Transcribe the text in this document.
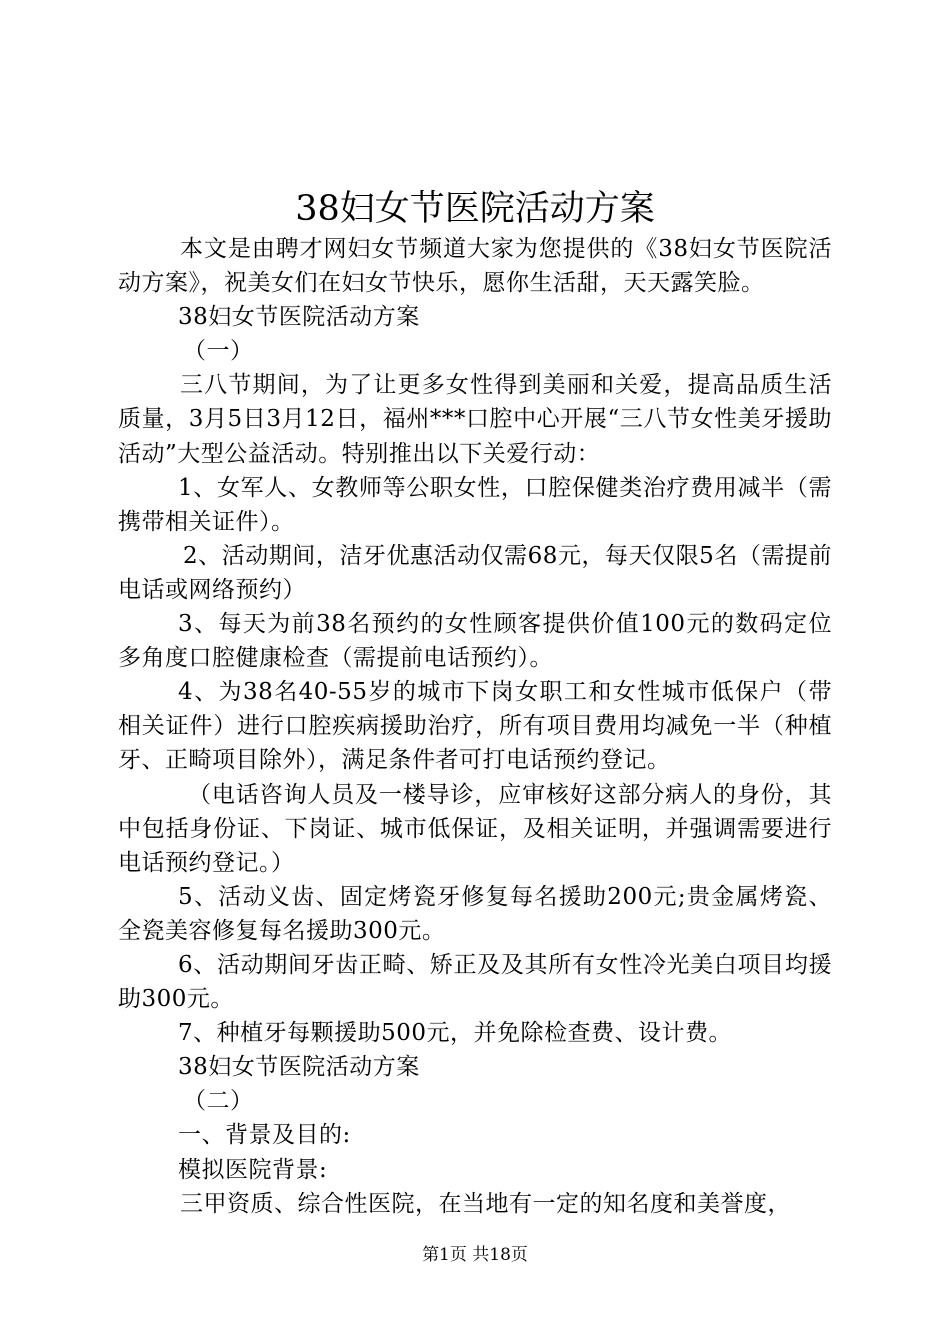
38妇女节医院活动方案

本文是由聘才网妇女节频道大家为您提供的《38妇女节医院活动方案》，祝美女们在妇女节快乐，愿你生活甜，天天露笑脸。

38妇女节医院活动方案

（一）

三八节期间，为了让更多女性得到美丽和关爱，提高品质生活质量，3月5日3月12日，福州***口腔中心开展“三八节女性美牙援助活动”大型公益活动。特别推出以下关爱行动：

1、女军人、女教师等公职女性，口腔保健类治疗费用减半（需携带相关证件）。

2、活动期间，洁牙优惠活动仅需68元，每天仅限5名（需提前电话或网络预约）

3、每天为前38名预约的女性顾客提供价值100元的数码定位多角度口腔健康检查（需提前电话预约）。

4、为38名40-55岁的城市下岗女职工和女性城市低保户（带相关证件）进行口腔疾病援助治疗，所有项目费用均减免一半（种植牙、正畸项目除外），满足条件者可打电话预约登记。

（电话咨询人员及一楼导诊，应审核好这部分病人的身份，其中包括身份证、下岗证、城市低保证，及相关证明，并强调需要进行电话预约登记。）

5、活动义齿、固定烤瓷牙修复每名援助200元;贵金属烤瓷、全瓷美容修复每名援助300元。

6、活动期间牙齿正畸、矫正及及其所有女性冷光美白项目均援助300元。

7、种植牙每颗援助500元，并免除检查费、设计费。

38妇女节医院活动方案

（二）

一、背景及目的:

模拟医院背景:

三甲资质、综合性医院，在当地有一定的知名度和美誉度，

第1页 共18页
